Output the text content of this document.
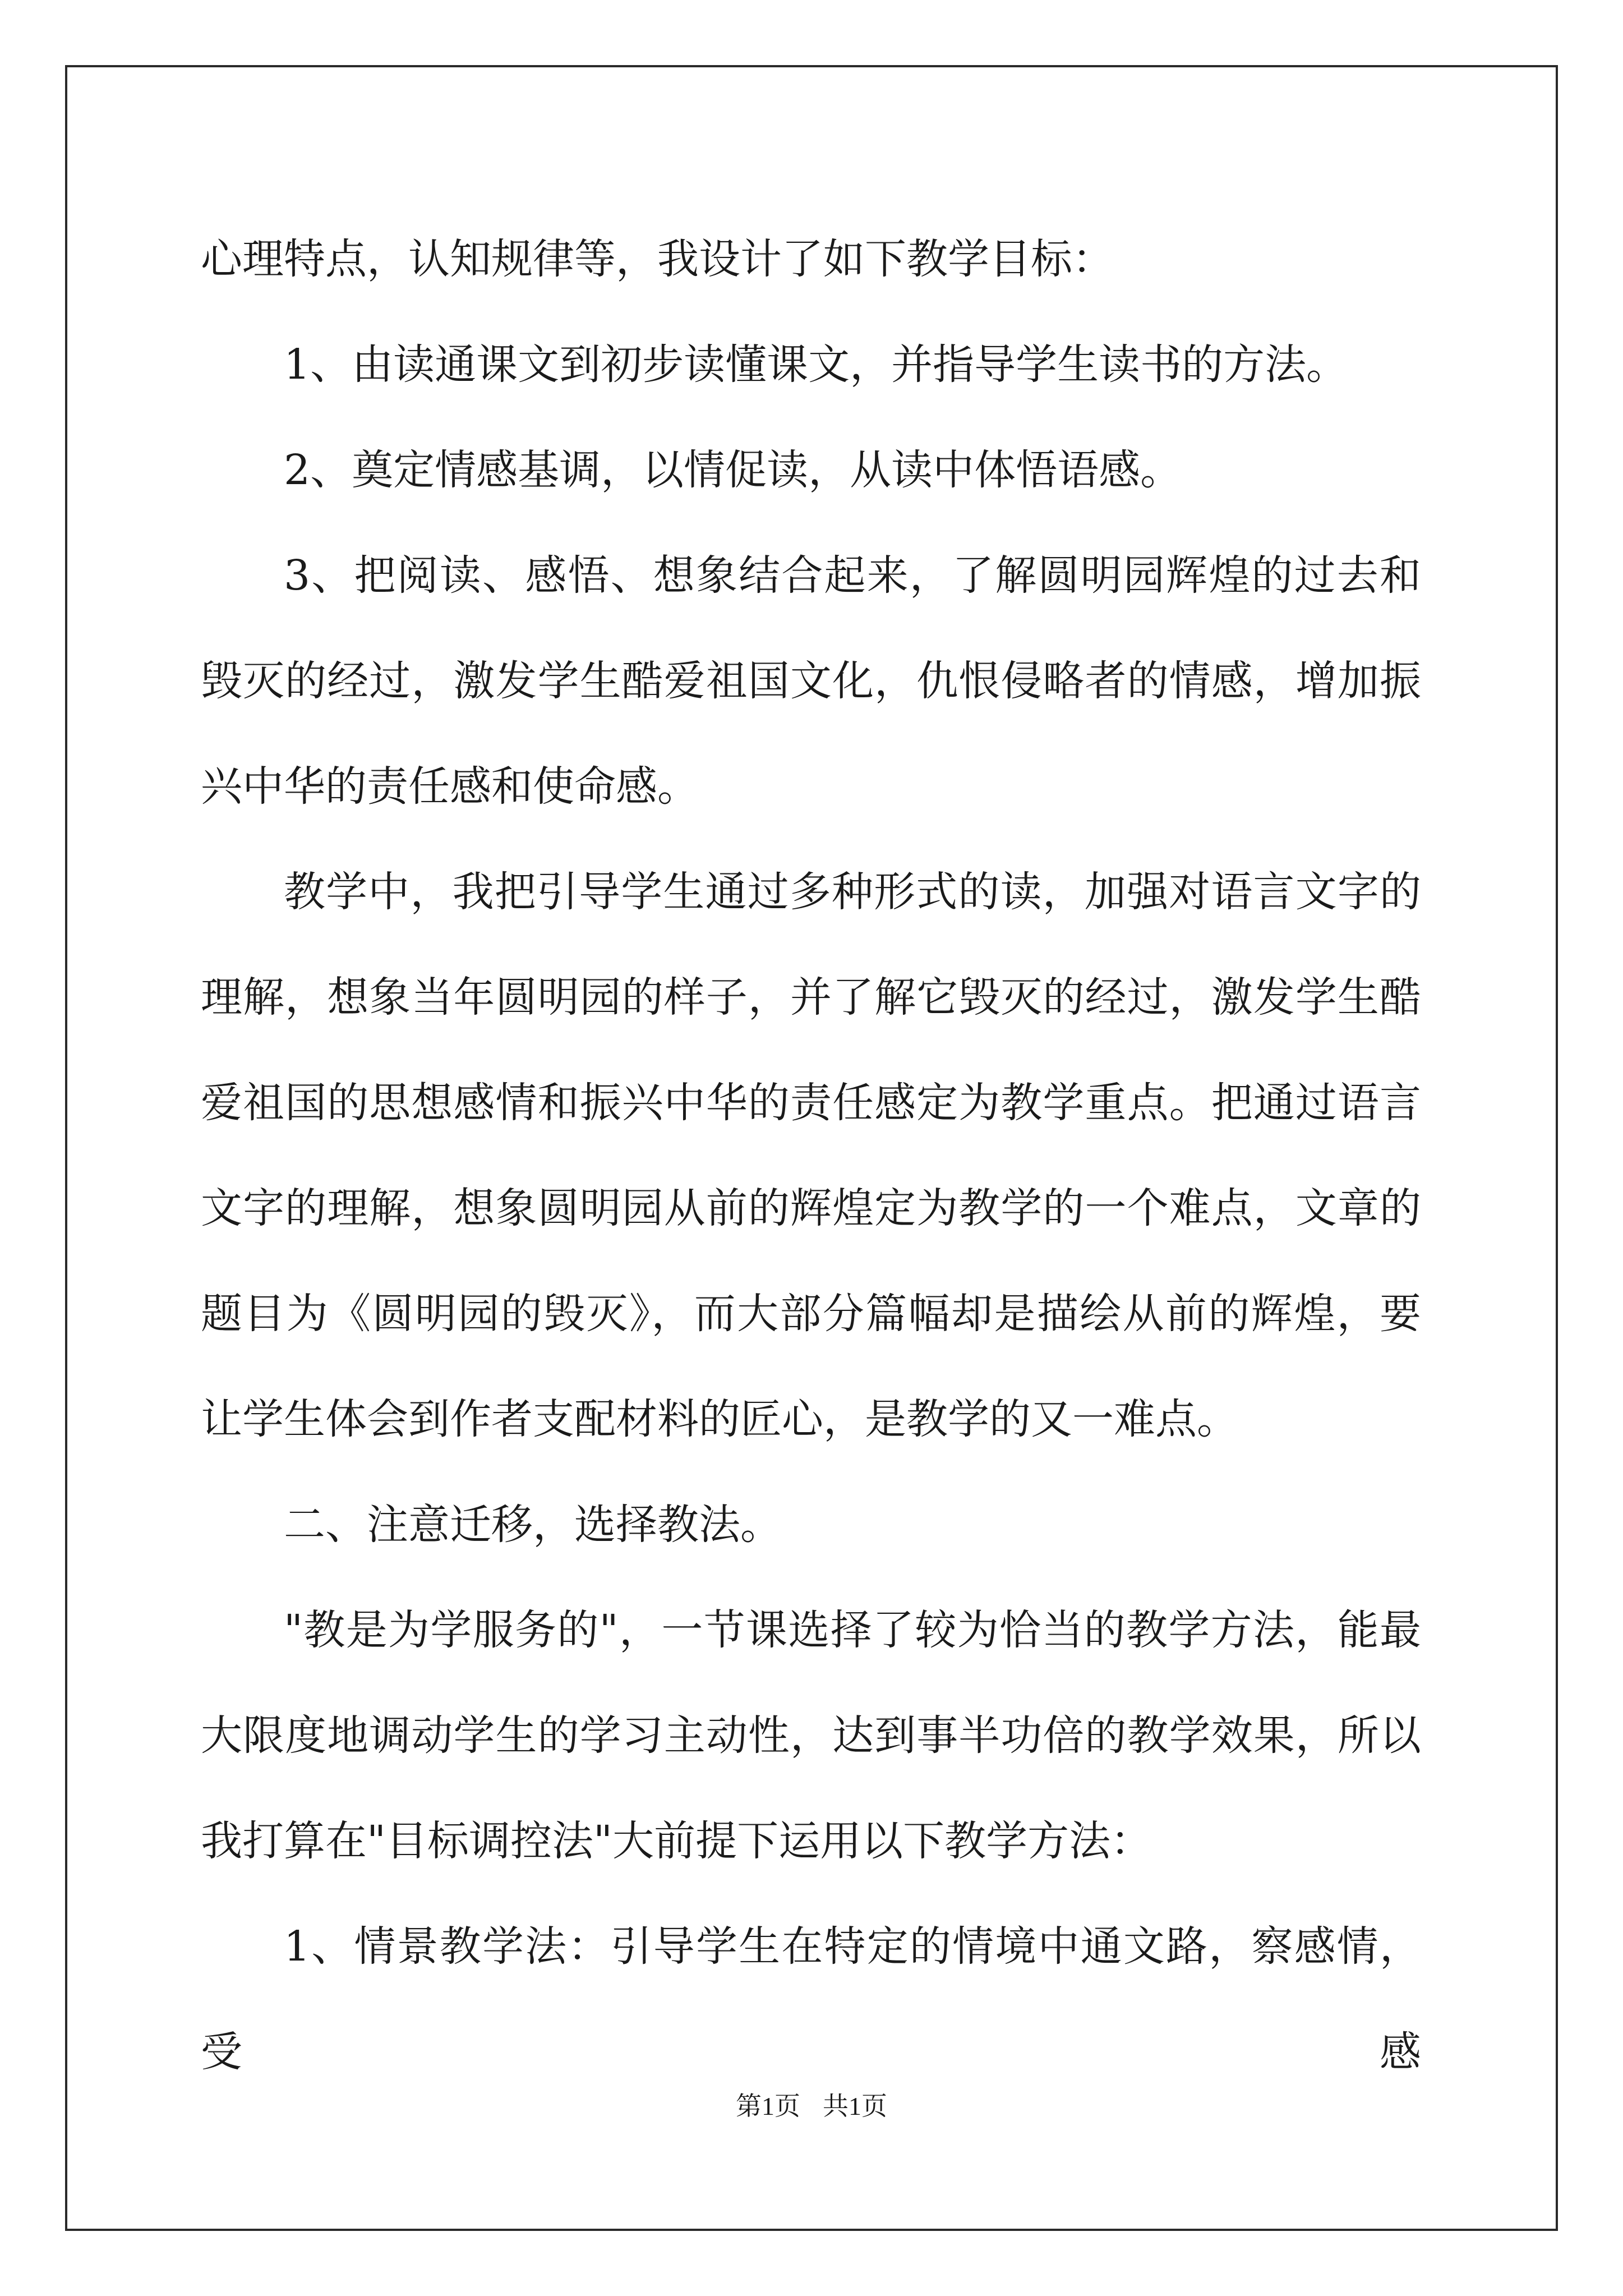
心理特点，认知规律等，我设计了如下教学目标：

1、由读通课文到初步读懂课文，并指导学生读书的方法。

2、奠定情感基调，以情促读，从读中体悟语感。

3、把阅读、感悟、想象结合起来，了解圆明园辉煌的过去和毁灭的经过，激发学生酷爱祖国文化，仇恨侵略者的情感，增加振兴中华的责任感和使命感。

教学中，我把引导学生通过多种形式的读，加强对语言文字的理解，想象当年圆明园的样子，并了解它毁灭的经过，激发学生酷爱祖国的思想感情和振兴中华的责任感定为教学重点。把通过语言文字的理解，想象圆明园从前的辉煌定为教学的一个难点，文章的题目为《圆明园的毁灭》，而大部分篇幅却是描绘从前的辉煌，要让学生体会到作者支配材料的匠心，是教学的又一难点。

二、注意迁移，选择教法。

"教是为学服务的"，一节课选择了较为恰当的教学方法，能最大限度地调动学生的学习主动性，达到事半功倍的教学效果，所以我打算在"目标调控法"大前提下运用以下教学方法：

1、情景教学法：引导学生在特定的情境中通文路，察感情，受感

第1页 共1页
